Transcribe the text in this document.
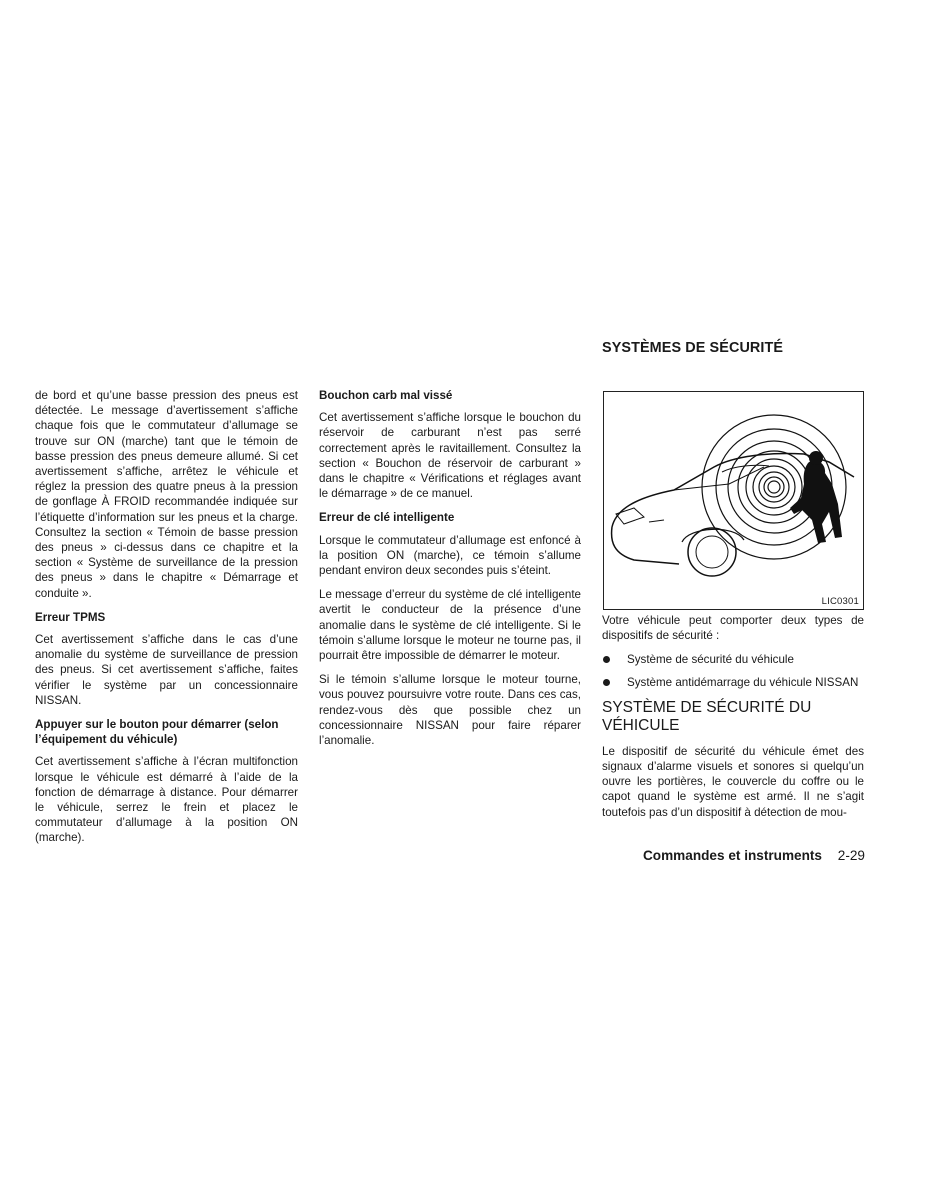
SYSTÈMES DE SÉCURITÉ

de bord et qu’une basse pression des pneus est détectée. Le message d’avertissement s’affiche chaque fois que le commutateur d’allumage se trouve sur ON (marche) tant que le témoin de basse pression des pneus demeure allumé. Si cet avertissement s’affiche, arrêtez le véhicule et réglez la pression des quatre pneus à la pression de gonflage À FROID recommandée indiquée sur l’étiquette d’information sur les pneus et la charge. Consultez la section « Témoin de basse pression des pneus » ci-dessus dans ce chapitre et la section « Système de surveillance de la pression des pneus » dans le chapitre « Démarrage et conduite ».

Erreur TPMS

Cet avertissement s’affiche dans le cas d’une anomalie du système de surveillance de pression des pneus. Si cet avertissement s’affiche, faites vérifier le système par un concessionnaire NISSAN.

Appuyer sur le bouton pour démarrer (selon l’équipement du véhicule)

Cet avertissement s’affiche à l’écran multifonction lorsque le véhicule est démarré à l’aide de la fonction de démarrage à distance. Pour démarrer le véhicule, serrez le frein et placez le commutateur d’allumage à la position ON (marche).

Bouchon carb mal vissé

Cet avertissement s’affiche lorsque le bouchon du réservoir de carburant n’est pas serré correctement après le ravitaillement. Consultez la section « Bouchon de réservoir de carburant » dans le chapitre « Vérifications et réglages avant le démarrage » de ce manuel.

Erreur de clé intelligente

Lorsque le commutateur d’allumage est enfoncé à la position ON (marche), ce témoin s’allume pendant environ deux secondes puis s’éteint.

Le message d’erreur du système de clé intelligente avertit le conducteur de la présence d’une anomalie dans le système de clé intelligente. Si le témoin s’allume lorsque le moteur ne tourne pas, il pourrait être impossible de démarrer le moteur.

Si le témoin s’allume lorsque le moteur tourne, vous pouvez poursuivre votre route. Dans ces cas, rendez-vous dès que possible chez un concessionnaire NISSAN pour faire réparer l’anomalie.

LIC0301

Votre véhicule peut comporter deux types de dispositifs de sécurité :

Système de sécurité du véhicule
Système antidémarrage du véhicule NISSAN
SYSTÈME DE SÉCURITÉ DU VÉHICULE

Le dispositif de sécurité du véhicule émet des signaux d’alarme visuels et sonores si quelqu’un ouvre les portières, le couvercle du coffre ou le capot quand le système est armé. Il ne s’agit toutefois pas d’un dispositif à détection de mou-

Commandes et instruments 2-29
